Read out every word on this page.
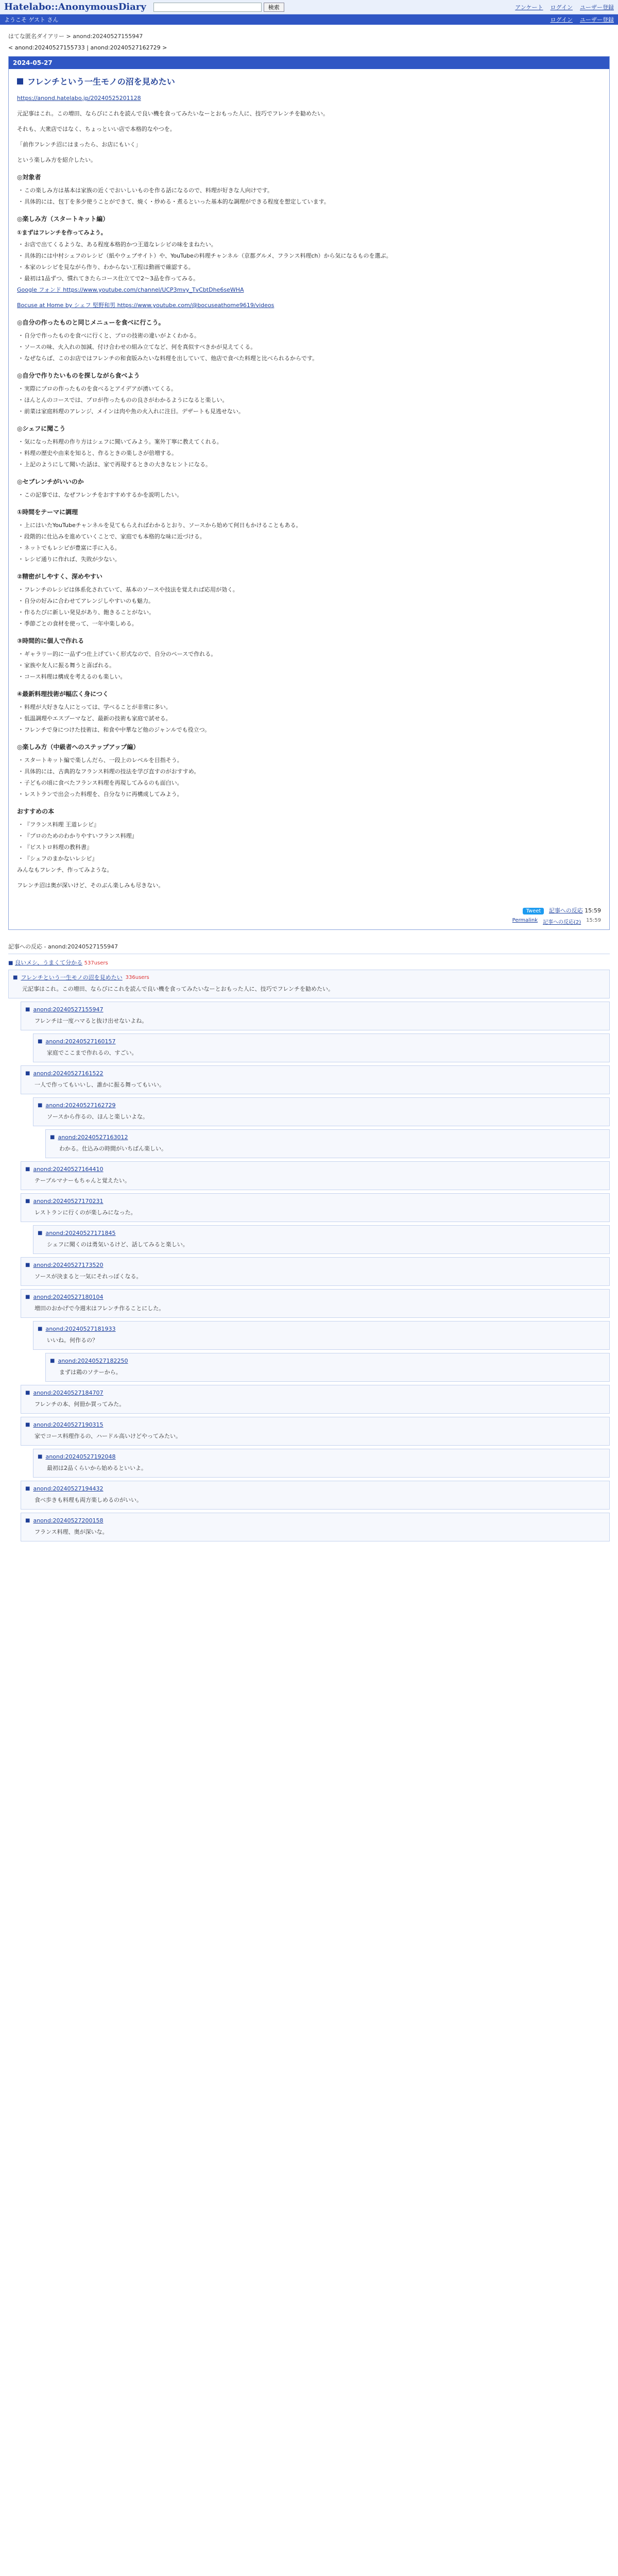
Hatelabo::AnonymousDiary	検索	アンケート ログイン ユーザー登録
ようこそ ゲスト さん	ログイン ユーザー登録
はてな匿名ダイアリー > anond:20240527155947
< anond:20240527155733 | anond:20240527162729 >
2024-05-27
フレンチという一生モノの沼を見めたい
https://anond.hatelabo.jp/20240525201128

元記事はこれ。この増田、ならびにこれを読んで良い機を食ってみたいなーとおもった人に、技巧でフレンチを勧めたい。

それも、大衆店ではなく、ちょっといい店で本格的なやつを。

「前作フレンチ沼にはまったら、お店にもいく」

という楽しみ方を紹介したい。

◎対象者
・ この楽しみ方は基本は家族の近くでおいしいものを作る話になるので、料理が好きな人向けです。
・ 具体的には、包丁を多少使うことができて、焼く・炒める・煮るといった基本的な調理ができる程度を想定しています。
◎楽しみ方（スタートキット編）
①まずはフレンチを作ってみよう。
・ お店で出てくるような、ある程度本格的かつ王道なレシピの味をまねたい。
・ 具体的には中村シェフのレシピ（紙やウェブサイト）や、YouTubeの料理チャンネル（京都グルメ、フランス料理ch）から気になるものを選ぶ。
・ 本家のレシピを見ながら作り、わからない工程は動画で確認する。
・ 最初は1品ずつ、慣れてきたらコース仕立てで2〜3品を作ってみる。

Google フォンド https://www.youtube.com/channel/UCP3mvy_TvCbtDhe6seWHA

Bocuse at Home by シェフ 堅野和男 https://www.youtube.com/@bocuseathome9619/videos

◎自分の作ったものと同じメニューを食べに行こう。
・ 自分で作ったものを食べに行くと、プロの技術の違いがよくわかる。
・ ソースの味、火入れの加減、付け合わせの組み立てなど、何を真似すべきかが見えてくる。
・ なぜならば、このお店ではフレンチの和食版みたいな料理を出していて、他店で食べた料理と比べられるからです。
◎自分で作りたいものを探しながら食べよう
・ 実際にプロの作ったものを食べるとアイデアが湧いてくる。
・ ほんとんのコースでは、プロが作ったものの良さがわかるようになると楽しい。
・ 前菜は家庭料理のアレンジ、メインは肉や魚の火入れに注目。デザートも見逃せない。
◎シェフに聞こう
・ 気になった料理の作り方はシェフに聞いてみよう。案外丁寧に教えてくれる。
・ 料理の歴史や由来を知ると、作るときの楽しさが倍増する。
・ 上記のようにして聞いた話は、家で再現するときの大きなヒントになる。
◎セブレンチがいいのか
・ この記事では、なぜフレンチをおすすめするかを説明したい。
①時間をテーマに調理
・ 上にはいたYouTubeチャンネルを見てもらえればわかるとおり、ソースから始めて何日もかけることもある。
・ 段階的に仕込みを進めていくことで、家庭でも本格的な味に近づける。
・ ネットでもレシピが豊富に手に入る。
・ レシピ通りに作れば、失敗が少ない。
②精密がしやすく、深めやすい
・ フレンチのレシピは体系化されていて、基本のソースや技法を覚えれば応用が効く。
・ 自分の好みに合わせてアレンジしやすいのも魅力。
・ 作るたびに新しい発見があり、飽きることがない。
・ 季節ごとの食材を使って、一年中楽しめる。
③時間的に個人で作れる
・ ギャラリー的に一品ずつ仕上げていく形式なので、自分のペースで作れる。
・ 家族や友人に振る舞うと喜ばれる。
・ コース料理は構成を考えるのも楽しい。
④最新料理技術が幅広く身につく
・ 料理が大好きな人にとっては、学べることが非常に多い。
・ 低温調理やエスプーマなど、最新の技術も家庭で試せる。
・ フレンチで身につけた技術は、和食や中華など他のジャンルでも役立つ。
◎楽しみ方（中級者へのステップアップ編）
・ スタートキット編で楽しんだら、一段上のレベルを目指そう。
・ 具体的には、古典的なフランス料理の技法を学び直すのがおすすめ。
・ 子どもの頃に食べたフランス料理を再現してみるのも面白い。
・ レストランで出会った料理を、自分なりに再構成してみよう。
おすすめの本
・ 『フランス料理 王道レシピ』
・ 『プロのためのわかりやすいフランス料理』
・ 『ビストロ料理の教科書』
・ 『シェフのまかないレシピ』

みんなもフレンチ、作ってみような。

フレンチ沼は奥が深いけど、そのぶん楽しみも尽きない。

Tweet 記事への反応 15:59
Permalink 記事への反応(2) 15:59
記事への反応 - anond:20240527155947
■ 良いメシ、うまくて分かる 537users
■ フレンチという一生モノの沼を見めたい 336users
元記事はこれ。この増田、ならびにこれを読んで良い機を食ってみたいなーとおもった人に、技巧でフレンチを勧めたい。
■ anond:20240527155947
フレンチは一度ハマると抜け出せないよね。
■ anond:20240527160157
家庭でここまで作れるの、すごい。
■ anond:20240527161522
一人で作ってもいいし、誰かに振る舞ってもいい。
■ anond:20240527162729
ソースから作るの、ほんと楽しいよな。
■ anond:20240527163012
わかる。仕込みの時間がいちばん楽しい。
■ anond:20240527164410
テーブルマナーもちゃんと覚えたい。
■ anond:20240527170231
レストランに行くのが楽しみになった。
■ anond:20240527171845
シェフに聞くのは勇気いるけど、話してみると楽しい。
■ anond:20240527173520
ソースが決まると一気にそれっぽくなる。
■ anond:20240527180104
増田のおかげで今週末はフレンチ作ることにした。
■ anond:20240527181933
いいね。何作るの？
■ anond:20240527182250
まずは鶏のソテーから。
■ anond:20240527184707
フレンチの本、何冊か買ってみた。
■ anond:20240527190315
家でコース料理作るの、ハードル高いけどやってみたい。
■ anond:20240527192048
最初は2品くらいから始めるといいよ。
■ anond:20240527194432
食べ歩きも料理も両方楽しめるのがいい。
■ anond:20240527200158
フランス料理、奥が深いな。
